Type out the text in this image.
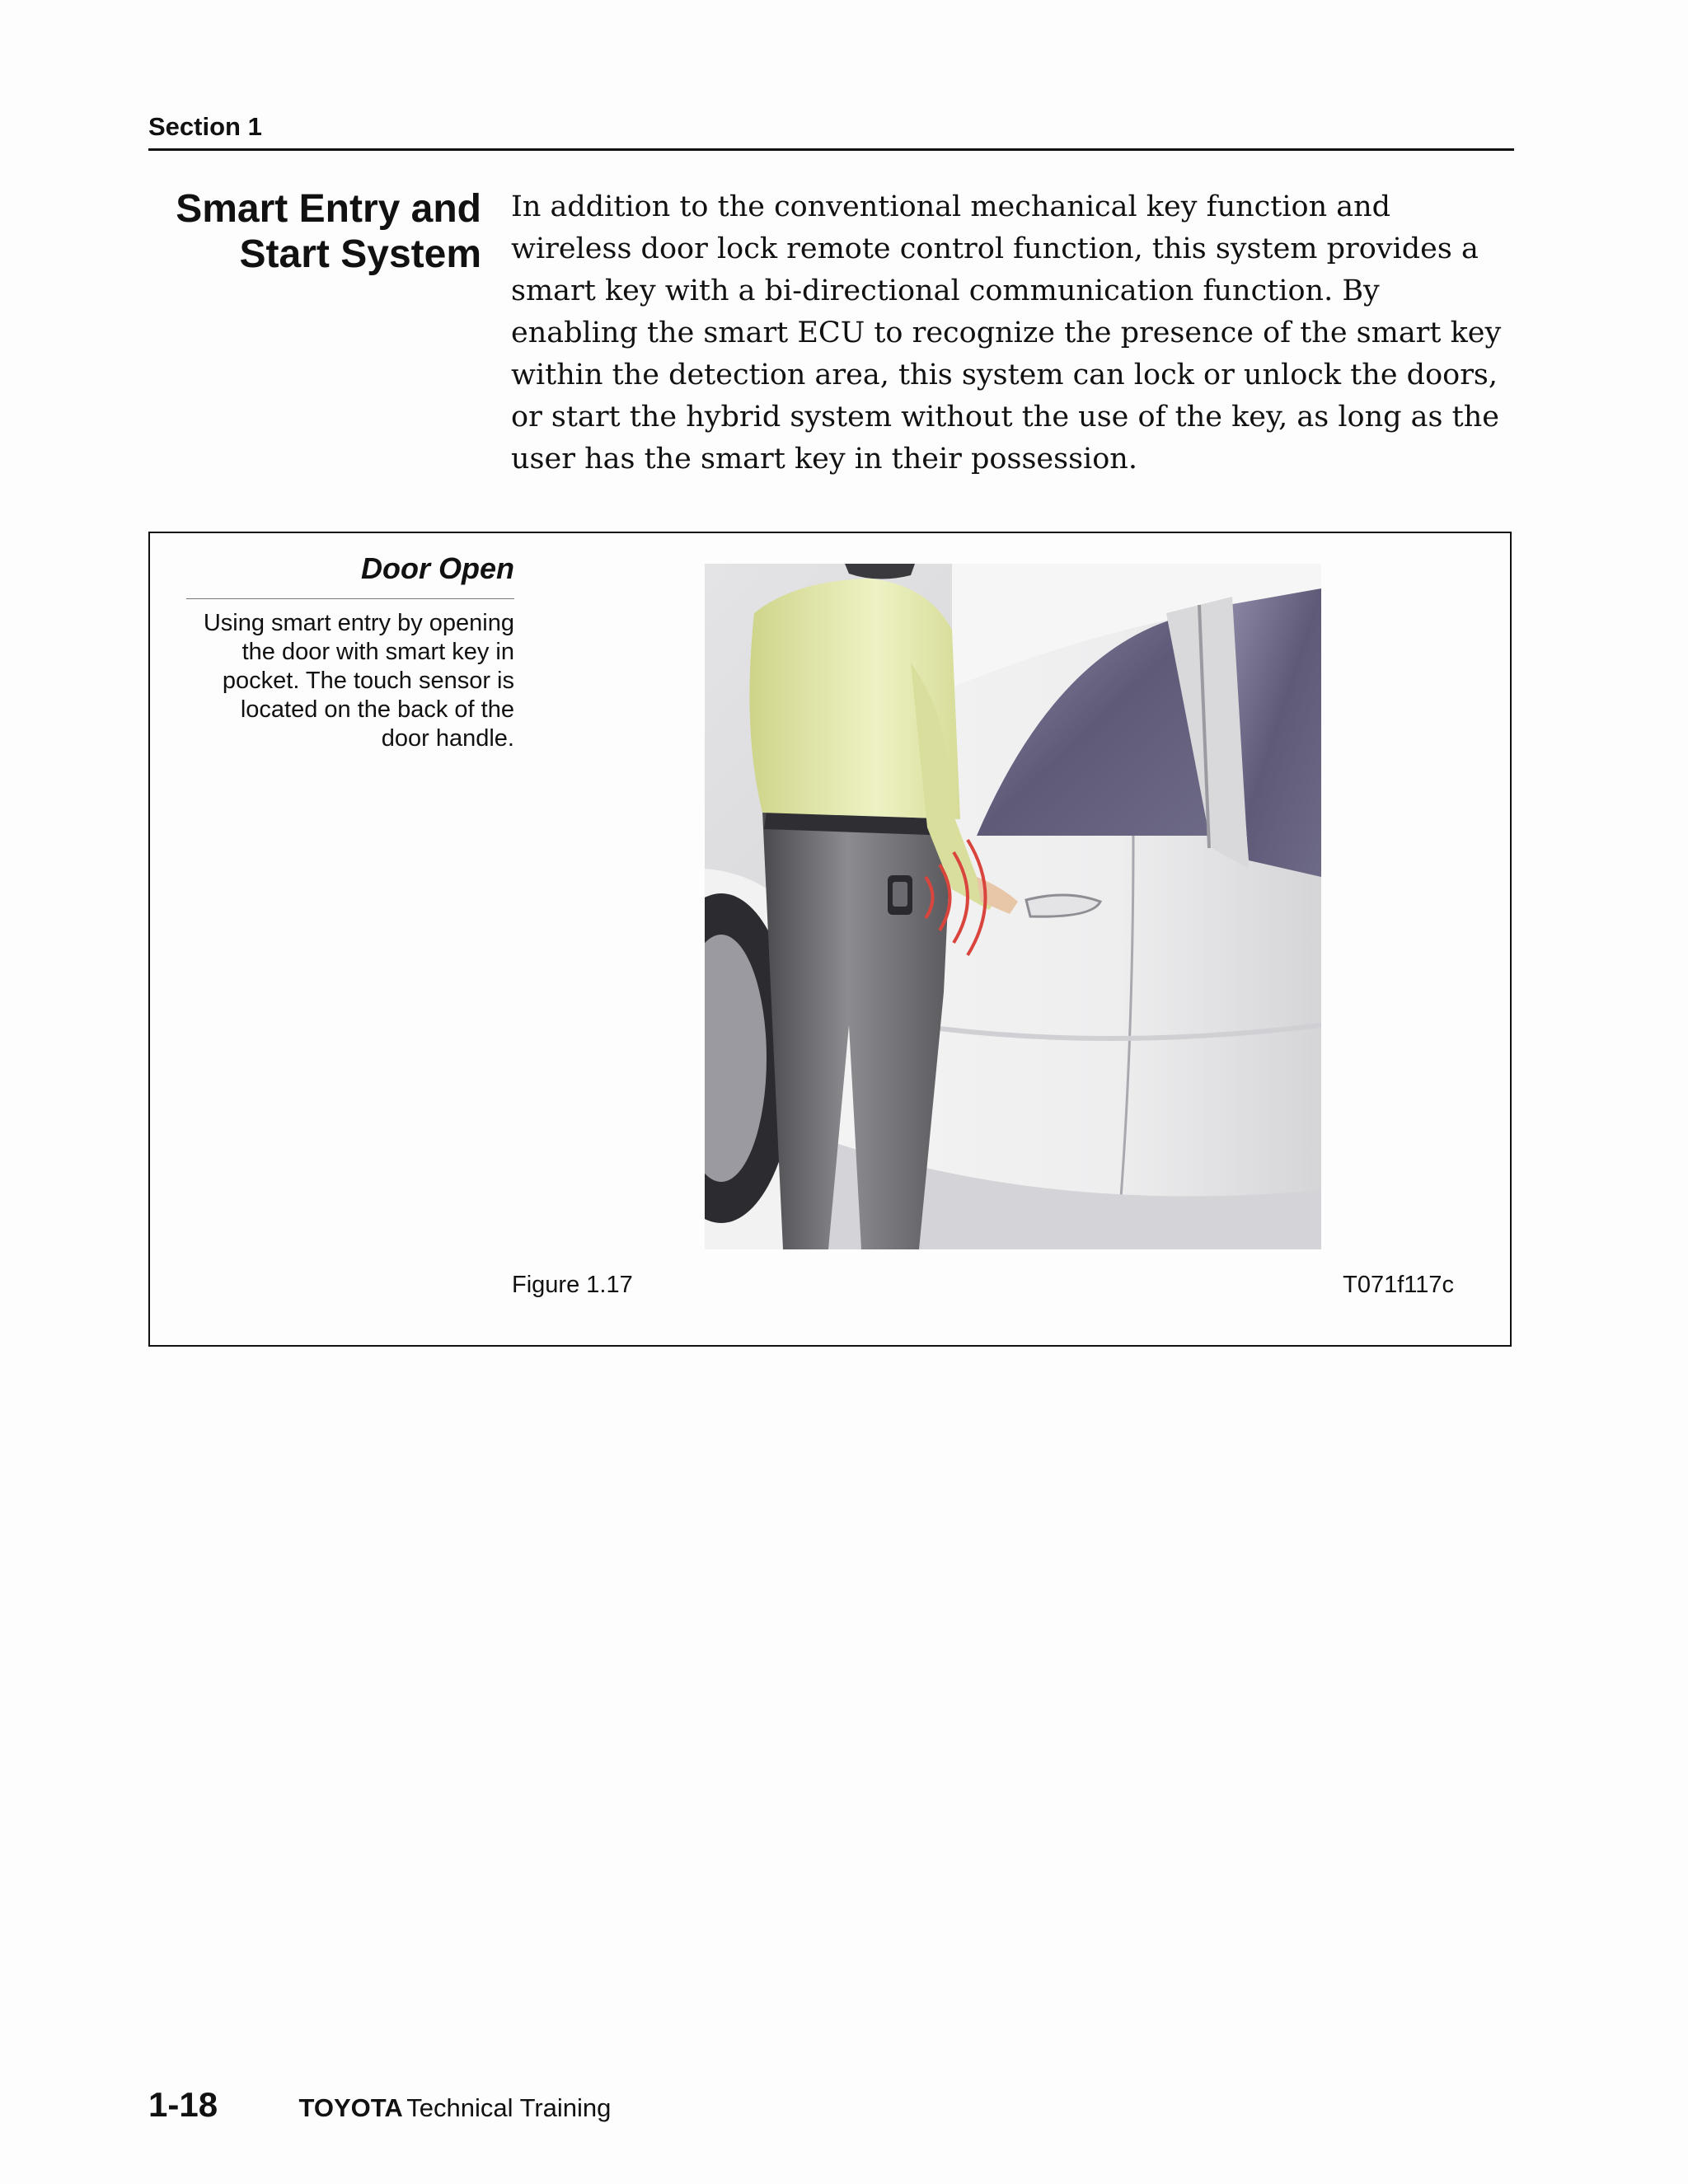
Section 1
Smart Entry and
Start System
In addition to the conventional mechanical key function and wireless door lock remote control function, this system provides a smart key with a bi-directional communication function. By enabling the smart ECU to recognize the presence of the smart key within the detection area, this system can lock or unlock the doors, or start the hybrid system without the use of the key, as long as the user has the smart key in their possession.
Door Open
Using smart entry by opening the door with smart key in pocket. The touch sensor is located on the back of the door handle.
Figure 1.17	T071f117c
1-18	TOYOTA Technical Training
